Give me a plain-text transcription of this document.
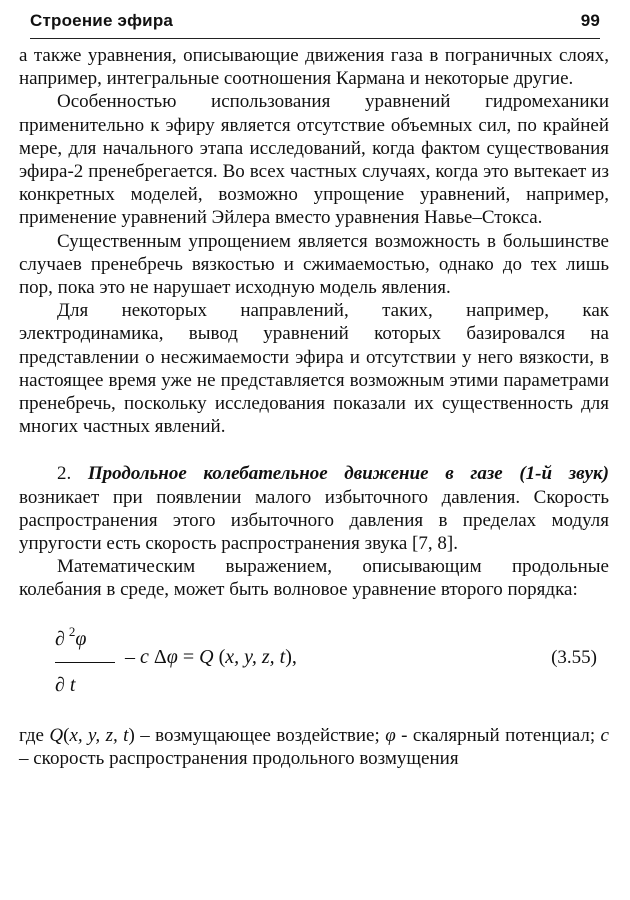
Строение эфира	99

а также уравнения, описывающие движения газа в пограничных слоях, например, интегральные соотношения Кармана и некоторые другие.

Особенностью использования уравнений гидромеханики применительно к эфиру является отсутствие объемных сил, по крайней мере, для начального этапа исследований, когда фактом существования эфира-2 пренебрегается. Во всех частных случаях, когда это вытекает из конкретных моделей, возможно упрощение уравнений, например, применение уравнений Эйлера вместо уравнения Навье–Стокса.

Существенным упрощением является возможность в большинстве случаев пренебречь вязкостью и сжимаемостью, однако до тех лишь пор, пока это не нарушает исходную модель явления.

Для некоторых направлений, таких, например, как электродинамика, вывод уравнений которых базировался на представлении о несжимаемости эфира и отсутствии у него вязкости, в настоящее время уже не представляется возможным этими параметрами пренебречь, поскольку исследования показали их существенность для многих частных явлений.

2. Продольное колебательное движение в газе (1-й звук) возникает при появлении малого избыточного давления. Скорость распространения этого избыточного давления в пределах модуля упругости есть скорость распространения звука [7, 8].

Математическим выражением, описывающим продольные колебания в среде, может быть волновое уравнение второго порядка:

∂ $^2$φ
∂ t
– c Δφ = Q (x, y, z, t),	(3.55)

где Q(x, y, z, t) – возмущающее воздействие; φ - скалярный потенциал; c – скорость распространения продольного возмущения
